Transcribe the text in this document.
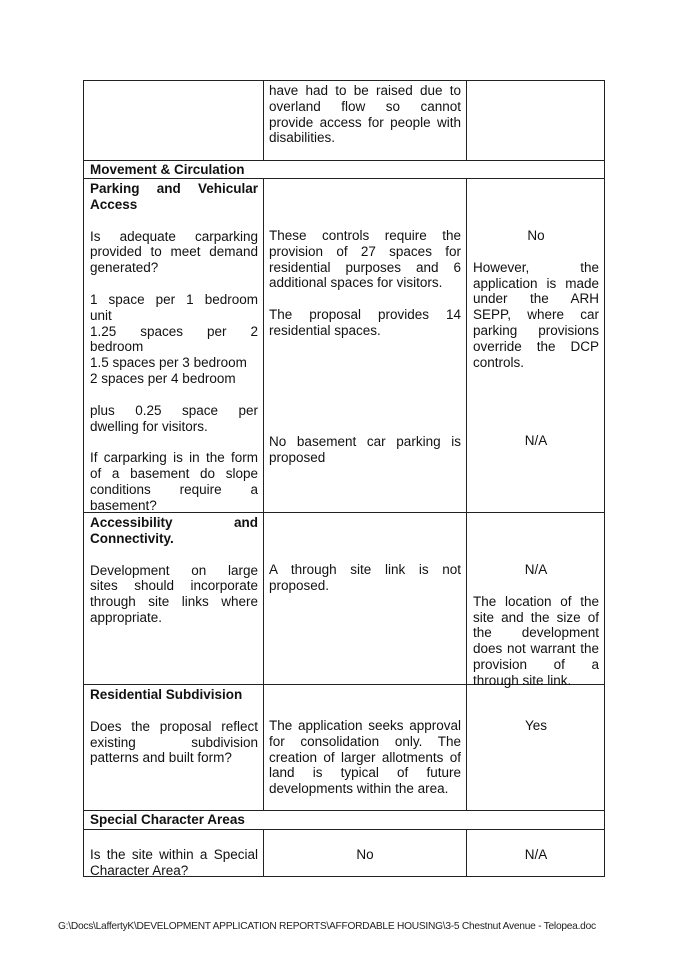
have had to be raised due to

overland flow so cannot

provide access for people with

disabilities.

Movement & Circulation

Parking and Vehicular

Access

Is adequate carparking

provided to meet demand

generated?

1 space per 1 bedroom

unit

1.25 spaces per 2

bedroom

1.5 spaces per 3 bedroom

2 spaces per 4 bedroom

plus 0.25 space per

dwelling for visitors.

If carparking is in the form

of a basement do slope

conditions require a

basement?

These controls require the

provision of 27 spaces for

residential purposes and 6

additional spaces for visitors.

The proposal provides 14

residential spaces.

No basement car parking is

proposed

No

However, the

application is made

under the ARH

SEPP, where car

parking provisions

override the DCP

controls.

N/A

Accessibility and

Connectivity.

Development on large

sites should incorporate

through site links where

appropriate.

A through site link is not

proposed.

N/A

The location of the

site and the size of

the development

does not warrant the

provision of a

through site link.

Residential Subdivision

Does the proposal reflect

existing subdivision

patterns and built form?

The application seeks approval

for consolidation only. The

creation of larger allotments of

land is typical of future

developments within the area.

Yes

Special Character Areas

Is the site within a Special

Character Area?

No	N/A

G:\Docs\LaffertyK\DEVELOPMENT APPLICATION REPORTS\AFFORDABLE HOUSING\3-5 Chestnut Avenue - Telopea.doc
